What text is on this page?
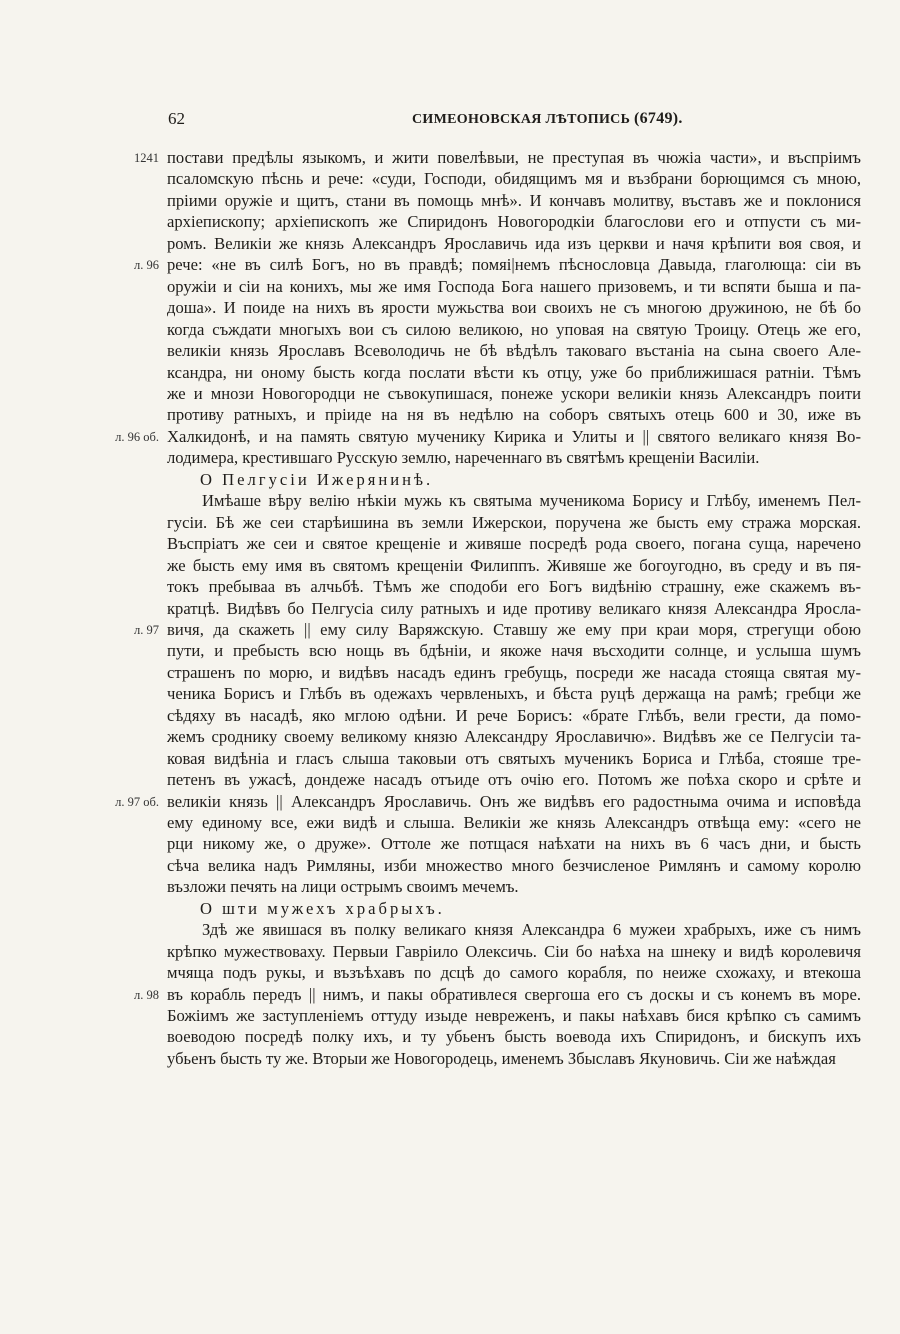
62	СИМЕОНОВСКАЯ ЛѢТОПИСЬ (6749).
постави предѣлы языкомъ, и жити повелѣвыи, не преступая въ чюжіа части», и въспріимъ
псаломскую пѣснь и рече: «суди, Господи, обидящимъ мя и възбрани борющимся съ мною,
пріими оружіе и щитъ, стани въ помощь мнѣ». И кончавъ молитву, въставъ же и поклонися
архіепископу; архіепископъ же Спиридонъ Новогородкіи благослови его и отпусти съ ми-
ромъ. Великіи же князь Александръ Ярославичь ида изъ церкви и начя крѣпити воя своя, и
рече: «не въ силѣ Богъ, но въ правдѣ; помяі|немъ пѣснословца Давыда, глаголюща: сіи въ
оружіи и сіи на конихъ, мы же имя Господа Бога нашего призовемъ, и ти вспяти быша и па-
доша». И поиде на нихъ въ ярости мужьства вои своихъ не съ многою дружиною, не бѣ бо
когда съждати многыхъ вои съ силою великою, но уповая на святую Троицу. Отець же его,
великіи князь Ярославъ Всеволодичь не бѣ вѣдѣлъ таковаго въстаніа на сына своего Але-
ксандра, ни оному бысть когда послати вѣсти къ отцу, уже бо приближишася ратніи. Тѣмъ
же и мнози Новогородци не съвокупишася, понеже ускори великіи князь Александръ поити
противу ратныхъ, и пріиде на ня въ недѣлю на соборъ святыхъ отець 600 и 30, иже въ
Халкидонѣ, и на память святую мученику Кирика и Улиты и || святого великаго князя Во-
лодимера, крестившаго Русскую землю, нареченнаго въ святѣмъ крещеніи Василіи.
О Пелгусіи Ижерянинѣ.
Имѣаше вѣру велію нѣкіи мужь къ святыма мученикома Борису и Глѣбу, именемъ Пел-
гусіи. Бѣ же сеи старѣишина въ земли Ижерскои, поручена же бысть ему стража морская.
Въспріатъ же сеи и святое крещеніе и живяше посредѣ рода своего, погана суща, наречено
же бысть ему имя въ святомъ крещеніи Филиппъ. Живяше же богоугодно, въ среду и въ пя-
токъ пребываа въ алчьбѣ. Тѣмъ же сподоби его Богъ видѣнію страшну, еже скажемъ въ-
кратцѣ. Видѣвъ бо Пелгусіа силу ратныхъ и иде противу великаго князя Александра Яросла-
вичя, да скажеть || ему силу Варяжскую. Ставшу же ему при краи моря, стрегущи обою
пути, и пребысть всю нощь въ бдѣніи, и якоже начя въсходити солнце, и услыша шумъ
страшенъ по морю, и видѣвъ насадъ единъ гребущь, посреди же насада стояща святая му-
ченика Борисъ и Глѣбъ въ одежахъ червленыхъ, и бѣста руцѣ держаща на рамѣ; гребци же
сѣдяху въ насадѣ, яко мглою одѣни. И рече Борисъ: «брате Глѣбъ, вели грести, да помо-
жемъ сроднику своему великому князю Александру Ярославичю». Видѣвъ же се Пелгусіи та-
ковая видѣніа и гласъ слыша таковыи отъ святыхъ мученикъ Бориса и Глѣба, стояше тре-
петенъ въ ужасѣ, дондеже насадъ отъиде отъ очію его. Потомъ же поѣха скоро и срѣте и
великіи князь || Александръ Ярославичь. Онъ же видѣвъ его радостныма очима и исповѣда
ему единому все, ежи видѣ и слыша. Великіи же князь Александръ отвѣща ему: «сего не
рци никому же, о друже». Оттоле же потщася наѣхати на нихъ въ 6 часъ дни, и бысть
сѣча велика надъ Римляны, изби множество много безчисленое Римлянъ и самому королю
възложи печять на лици острымъ своимъ мечемъ.
О шти мужехъ храбрыхъ.
Здѣ же явишася въ полку великаго князя Александра 6 мужеи храбрыхъ, иже съ нимъ
крѣпко мужествоваху. Первыи Гавріило Олексичь. Сіи бо наѣха на шнеку и видѣ королевичя
мчяща подъ рукы, и възъѣхавъ по дсцѣ до самого корабля, по неиже схожаху, и втекоша
въ корабль передъ || нимъ, и пакы обративлеся свергоша его съ доскы и съ конемъ въ море.
Божіимъ же заступленіемъ оттуду изыде невреженъ, и пакы наѣхавъ бися крѣпко съ самимъ
воеводою посредѣ полку ихъ, и ту убьенъ бысть воевода ихъ Спиридонъ, и бискупъ ихъ
убьенъ бысть ту же. Вторыи же Новогородець, именемъ Збыславъ Якуновичь. Сіи же наѣждая
1241
л. 96
л. 96 об.
л. 97
л. 97 об.
л. 98
